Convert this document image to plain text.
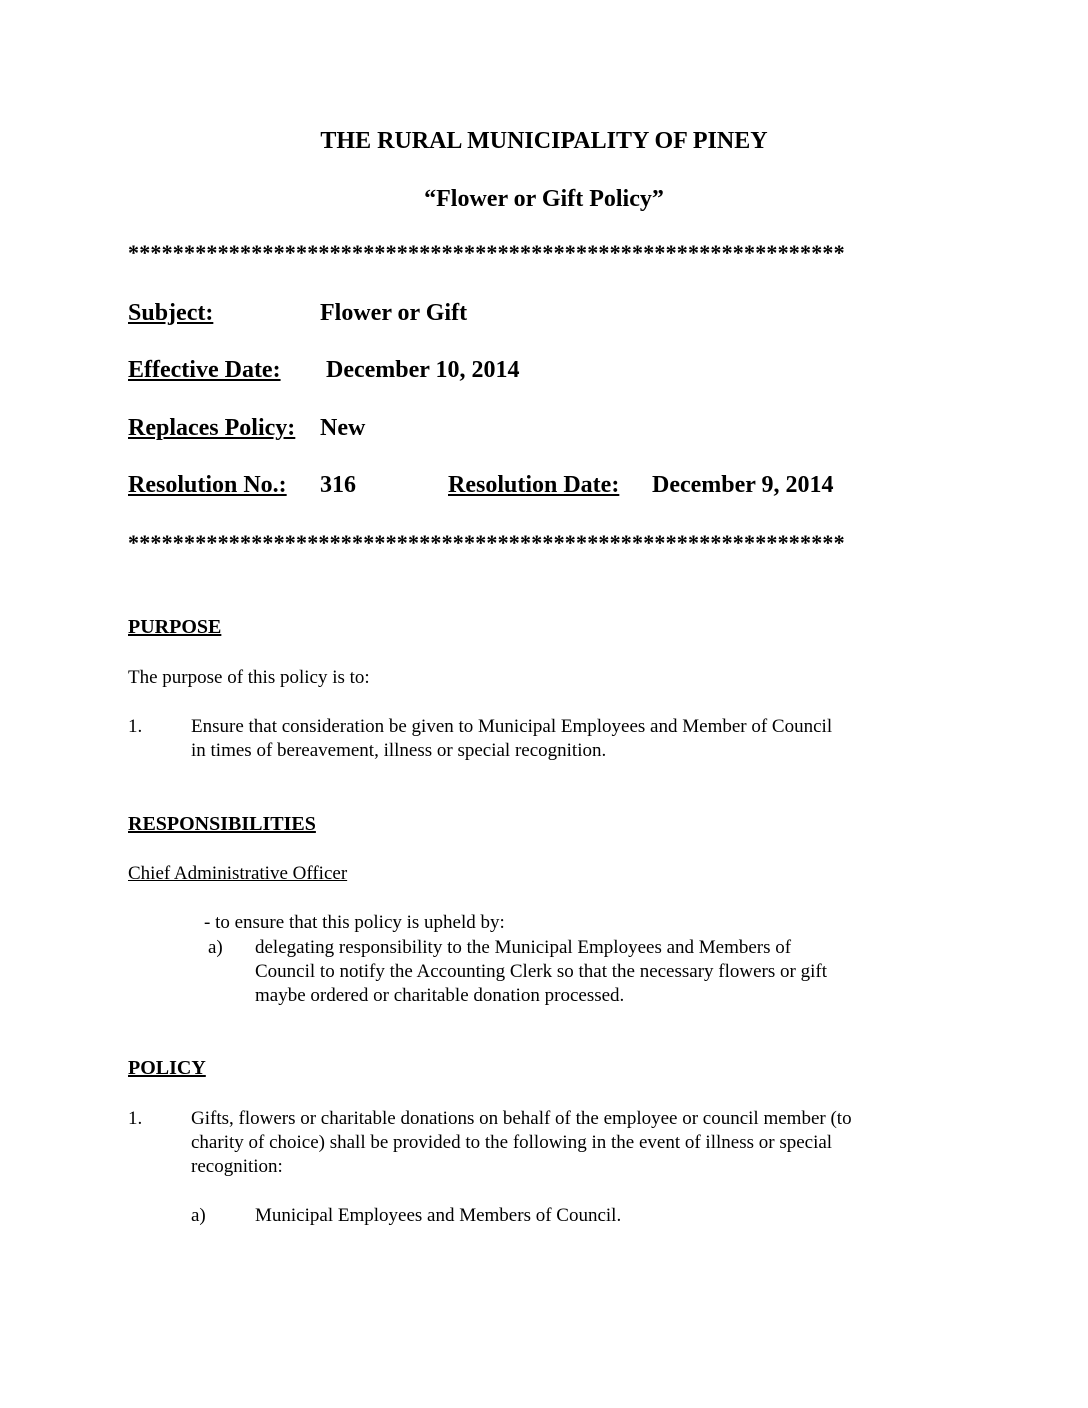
THE RURAL MUNICIPALITY OF PINEY
“Flower or Gift Policy”
****************************************************************
Subject:	Flower or Gift
Effective Date: December 10, 2014
Replaces Policy: New
Resolution No.: 316	Resolution Date: December 9, 2014
****************************************************************
PURPOSE
The purpose of this policy is to:
1.	Ensure that consideration be given to Municipal Employees and Member of Council
in times of bereavement, illness or special recognition.
RESPONSIBILITIES
Chief Administrative Officer
- to ensure that this policy is upheld by:
a) delegating responsibility to the Municipal Employees and Members of
Council to notify the Accounting Clerk so that the necessary flowers or gift
maybe ordered or charitable donation processed.
POLICY
1.	Gifts, flowers or charitable donations on behalf of the employee or council member (to
charity of choice) shall be provided to the following in the event of illness or special
recognition:
a)	Municipal Employees and Members of Council.
